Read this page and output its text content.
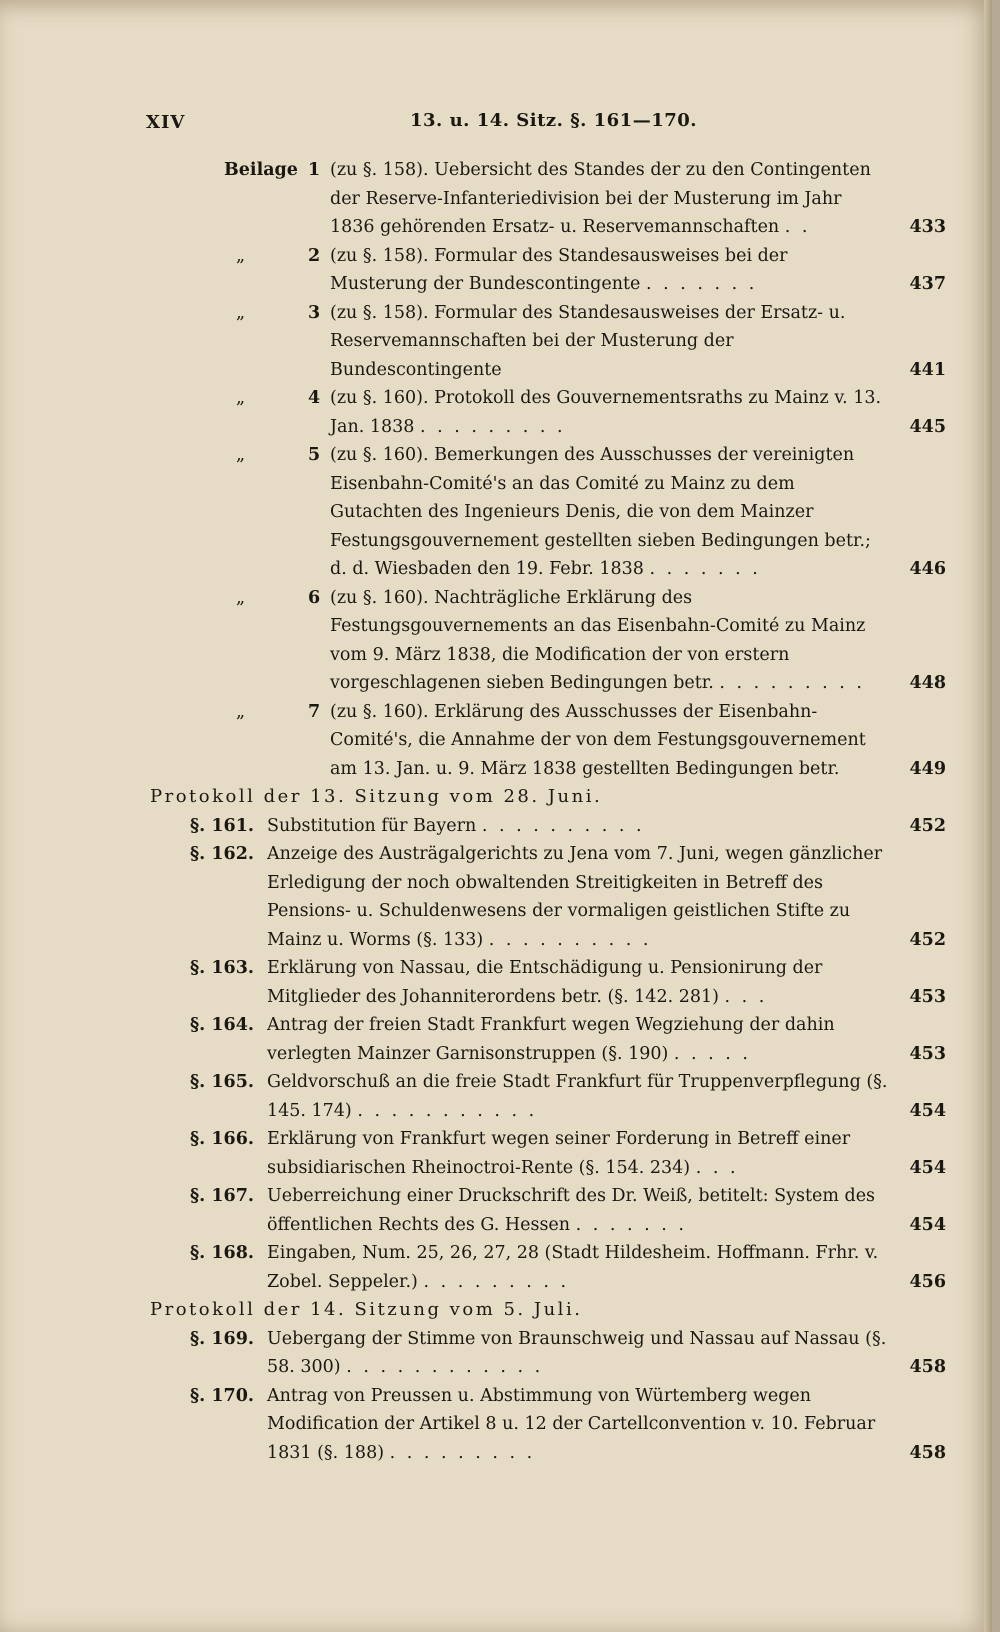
XIV	13. u. 14. Sitz. §. 161—170.
Beilage 1 (zu §. 158). Uebersicht des Standes der zu den Contingenten der Reserve-Infanteriedivision bei der Musterung im Jahr 1836 gehörenden Ersatz- u. Reservemannschaften . .	433
„	2 (zu §. 158). Formular des Standesausweises bei der Musterung der Bundescontingente . . . . . . .	437
„	3 (zu §. 158). Formular des Standesausweises der Ersatz- u. Reservemannschaften bei der Musterung der Bundescontingente	441
„	4 (zu §. 160). Protokoll des Gouvernementsraths zu Mainz v. 13. Jan. 1838 . . . . . . . . .	445
„	5 (zu §. 160). Bemerkungen des Ausschusses der vereinigten Eisenbahn-Comité's an das Comité zu Mainz zu dem Gutachten des Ingenieurs Denis, die von dem Mainzer Festungsgouvernement gestellten sieben Bedingungen betr.; d. d. Wiesbaden den 19. Febr. 1838 . . . . . . .	446
„	6 (zu §. 160). Nachträgliche Erklärung des Festungsgouvernements an das Eisenbahn-Comité zu Mainz vom 9. März 1838, die Modification der von erstern vorgeschlagenen sieben Bedingungen betr. . . . . . . . . .	448
„	7 (zu §. 160). Erklärung des Ausschusses der Eisenbahn-Comité's, die Annahme der von dem Festungsgouvernement am 13. Jan. u. 9. März 1838 gestellten Bedingungen betr.	449
Protokoll der 13. Sitzung vom 28. Juni.
§. 161. Substitution für Bayern . . . . . . . . . .	452
§. 162. Anzeige des Austrägalgerichts zu Jena vom 7. Juni, wegen gänzlicher Erledigung der noch obwaltenden Streitigkeiten in Betreff des Pensions- u. Schuldenwesens der vormaligen geistlichen Stifte zu Mainz u. Worms (§. 133) . . . . . . . . . .	452
§. 163. Erklärung von Nassau, die Entschädigung u. Pensionirung der Mitglieder des Johanniterordens betr. (§. 142. 281) . . .	453
§. 164. Antrag der freien Stadt Frankfurt wegen Wegziehung der dahin verlegten Mainzer Garnisonstruppen (§. 190) . . . . .	453
§. 165. Geldvorschuß an die freie Stadt Frankfurt für Truppenverpflegung (§. 145. 174) . . . . . . . . . . .	454
§. 166. Erklärung von Frankfurt wegen seiner Forderung in Betreff einer subsidiarischen Rheinoctroi-Rente (§. 154. 234) . . .	454
§. 167. Ueberreichung einer Druckschrift des Dr. Weiß, betitelt: System des öffentlichen Rechts des G. Hessen . . . . . . .	454
§. 168. Eingaben, Num. 25, 26, 27, 28 (Stadt Hildesheim. Hoffmann. Frhr. v. Zobel. Seppeler.) . . . . . . . . .	456
Protokoll der 14. Sitzung vom 5. Juli.
§. 169. Uebergang der Stimme von Braunschweig und Nassau auf Nassau (§. 58. 300) . . . . . . . . . . . .	458
§. 170. Antrag von Preussen u. Abstimmung von Würtemberg wegen Modification der Artikel 8 u. 12 der Cartellconvention v. 10. Februar 1831 (§. 188) . . . . . . . . .	458
